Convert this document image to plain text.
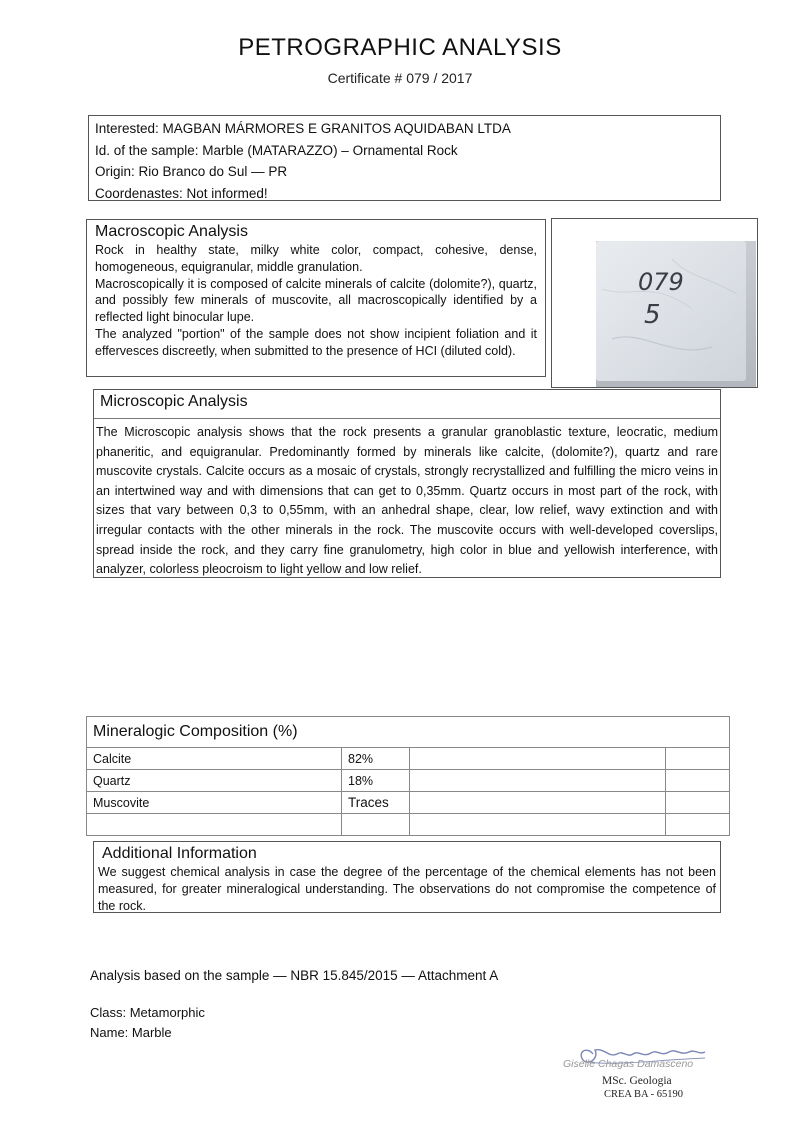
PETROGRAPHIC ANALYSIS
Certificate # 079 / 2017
Interested: MAGBAN MÁRMORES E GRANITOS AQUIDABAN LTDA
Id. of the sample: Marble (MATARAZZO) – Ornamental Rock
Origin: Rio Branco do Sul — PR
Coordenastes: Not informed!
Macroscopic Analysis
Rock in healthy state, milky white color, compact, cohesive, dense, homogeneous, equigranular, middle granulation.
Macroscopically it is composed of calcite minerals of calcite (dolomite?), quartz, and possibly few minerals of muscovite, all macroscopically identified by a reflected light binocular lupe.
The analyzed "portion" of the sample does not show incipient foliation and it effervesces discreetly, when submitted to the presence of HCI (diluted cold).
079
5
Microscopic Analysis
The Microscopic analysis shows that the rock presents a granular granoblastic texture, leocratic, medium phaneritic, and equigranular. Predominantly formed by minerals like calcite, (dolomite?), quartz and rare muscovite crystals. Calcite occurs as a mosaic of crystals, strongly recrystallized and fulfilling the micro veins in an intertwined way and with dimensions that can get to 0,35mm. Quartz occurs in most part of the rock, with sizes that vary between 0,3 to 0,55mm, with an anhedral shape, clear, low relief, wavy extinction and with irregular contacts with the other minerals in the rock. The muscovite occurs with well-developed coverslips, spread inside the rock, and they carry fine granulometry, high color in blue and yellowish interference, with analyzer, colorless pleocroism to light yellow and low relief.
Mineralogic Composition (%)			
Calcite	82%		
Quartz	18%		
Muscovite	Traces		

Additional Information
We suggest chemical analysis in case the degree of the percentage of the chemical elements has not been measured, for greater mineralogical understanding. The observations do not compromise the competence of the rock.
Analysis based on the sample — NBR 15.845/2015 — Attachment A
Class: Metamorphic
Name: Marble
Giselle Chagas Damasceno
MSc. Geologia
CREA BA - 65190
